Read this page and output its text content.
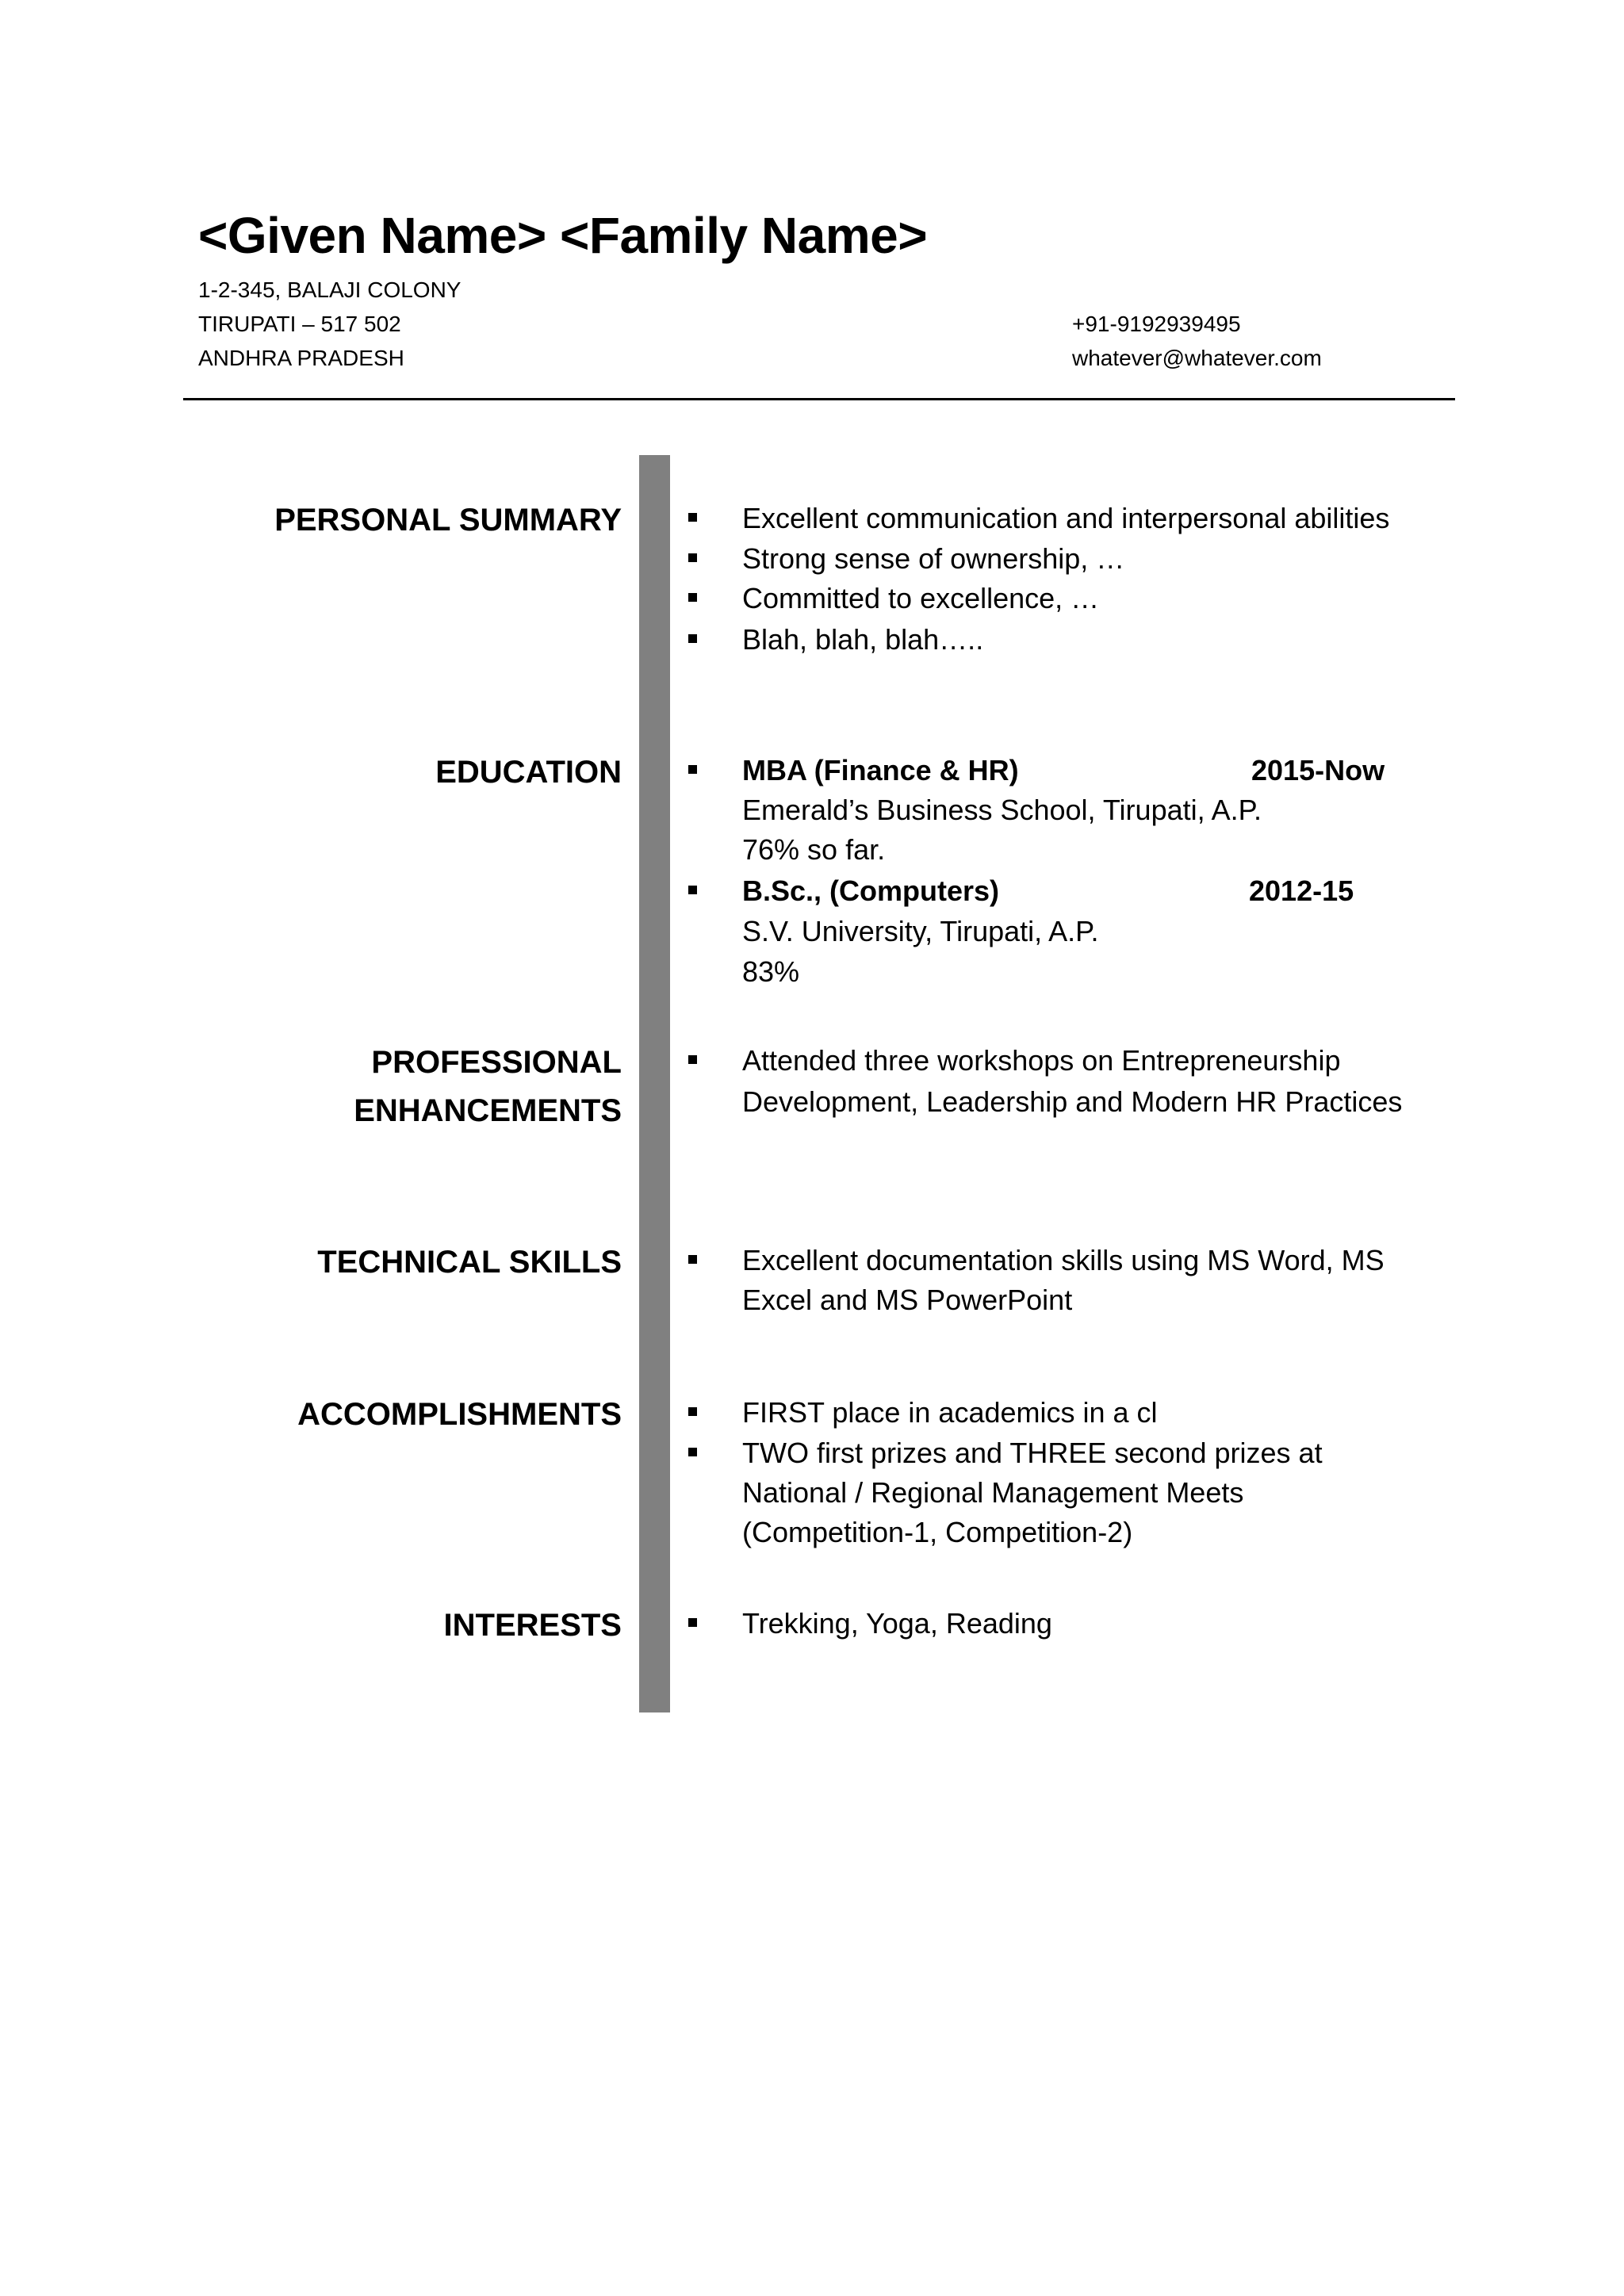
<Given Name> <Family Name>
1-2-345, BALAJI COLONY
TIRUPATI – 517 502
ANDHRA PRADESH
+91-9192939495
whatever@whatever.com
PERSONAL SUMMARY	Excellent communication and interpersonal abilities
Strong sense of ownership, …
Committed to excellence, …
Blah, blah, blah…..
EDUCATION	MBA (Finance & HR)	2015-Now
Emerald’s Business School, Tirupati, A.P.
76% so far.
B.Sc., (Computers)	2012-15
S.V. University, Tirupati, A.P.
83%
PROFESSIONAL
ENHANCEMENTS
Attended three workshops on Entrepreneurship
Development, Leadership and Modern HR Practices
TECHNICAL SKILLS	Excellent documentation skills using MS Word, MS
Excel and MS PowerPoint
ACCOMPLISHMENTS	FIRST place in academics in a cl
TWO first prizes and THREE second prizes at
National / Regional Management Meets
(Competition-1, Competition-2)
INTERESTS	Trekking, Yoga, Reading
